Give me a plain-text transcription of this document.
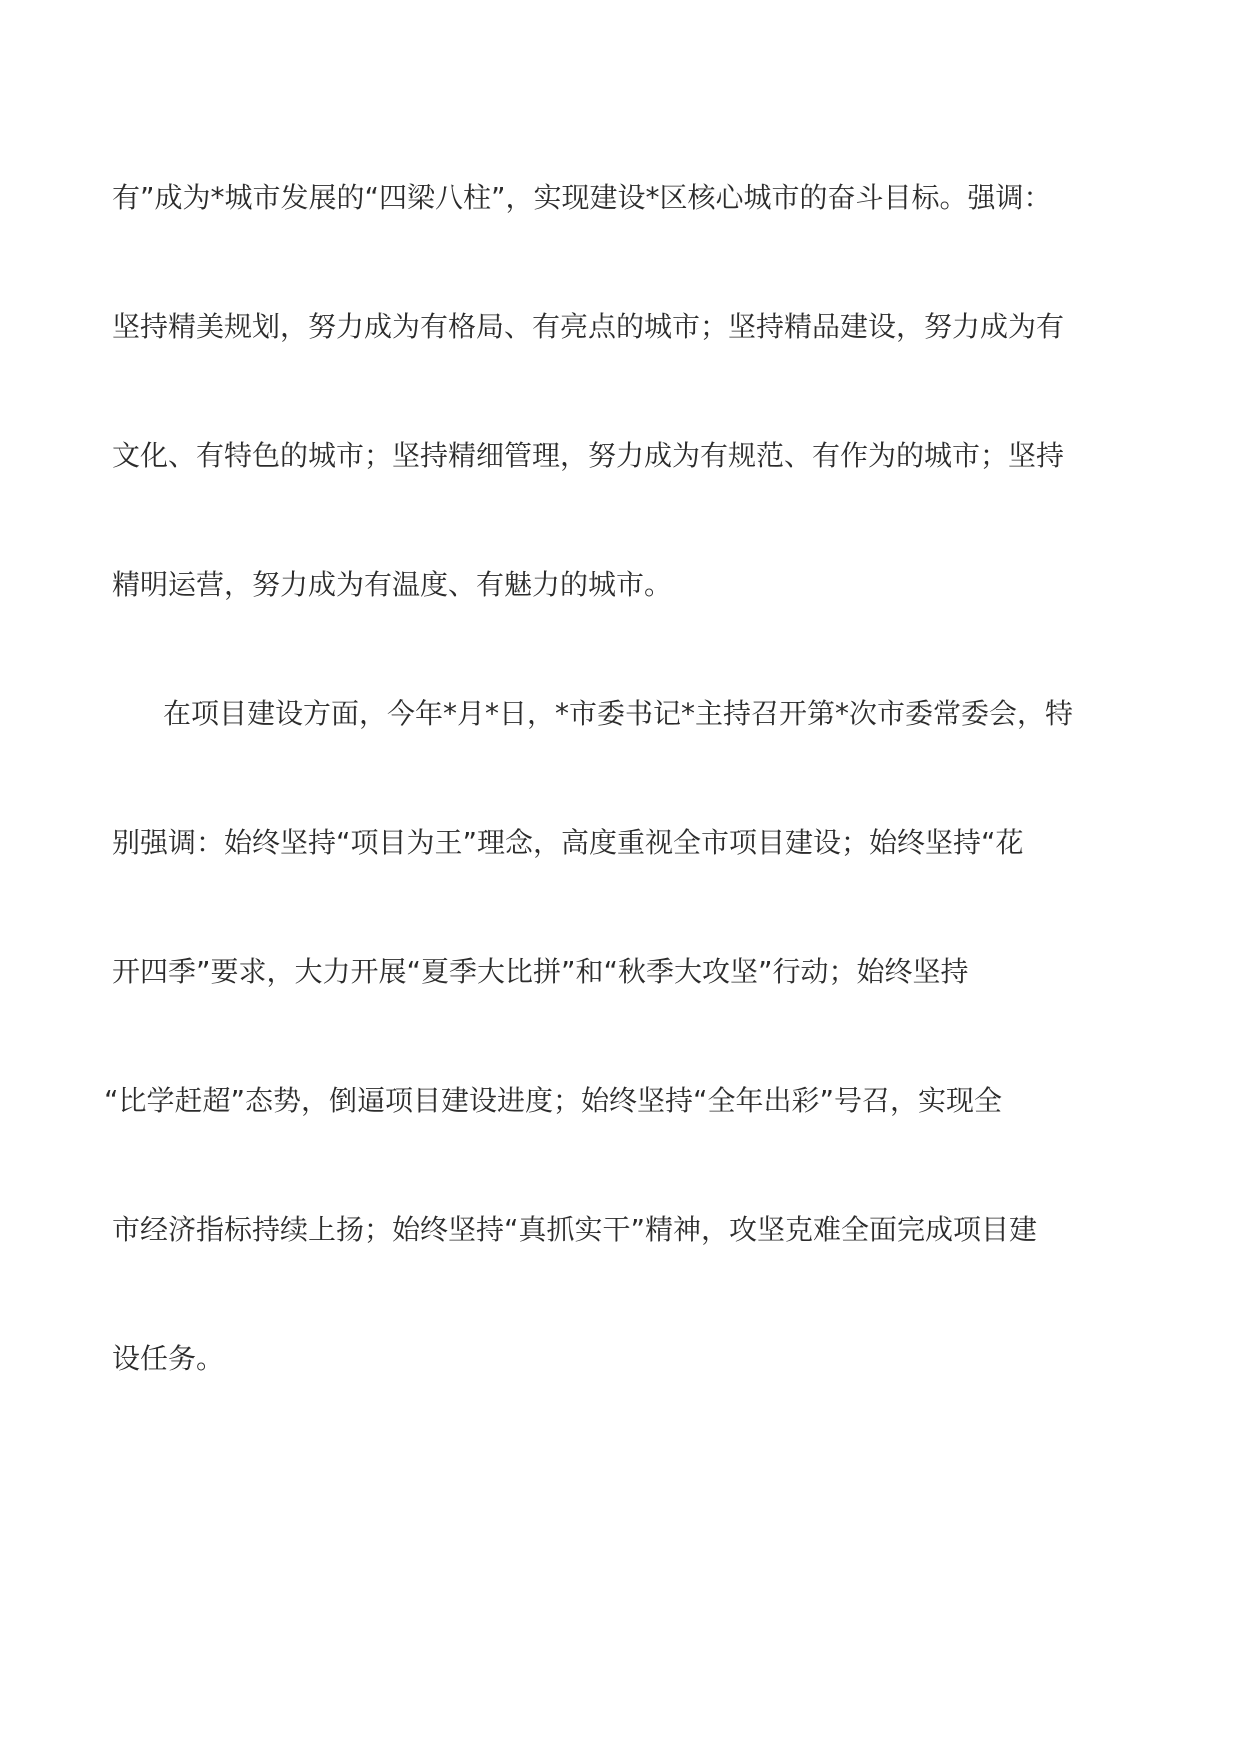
有”成为*城市发展的“四梁八柱”，实现建设*区核心城市的奋斗目标。强调：
坚持精美规划，努力成为有格局、有亮点的城市；坚持精品建设，努力成为有
文化、有特色的城市；坚持精细管理，努力成为有规范、有作为的城市；坚持
精明运营，努力成为有温度、有魅力的城市。
在项目建设方面，今年*月*日，*市委书记*主持召开第*次市委常委会，特
别强调：始终坚持“项目为王”理念，高度重视全市项目建设；始终坚持“花
开四季”要求，大力开展“夏季大比拼”和“秋季大攻坚”行动；始终坚持
“比学赶超”态势，倒逼项目建设进度；始终坚持“全年出彩”号召，实现全
市经济指标持续上扬；始终坚持“真抓实干”精神，攻坚克难全面完成项目建
设任务。
